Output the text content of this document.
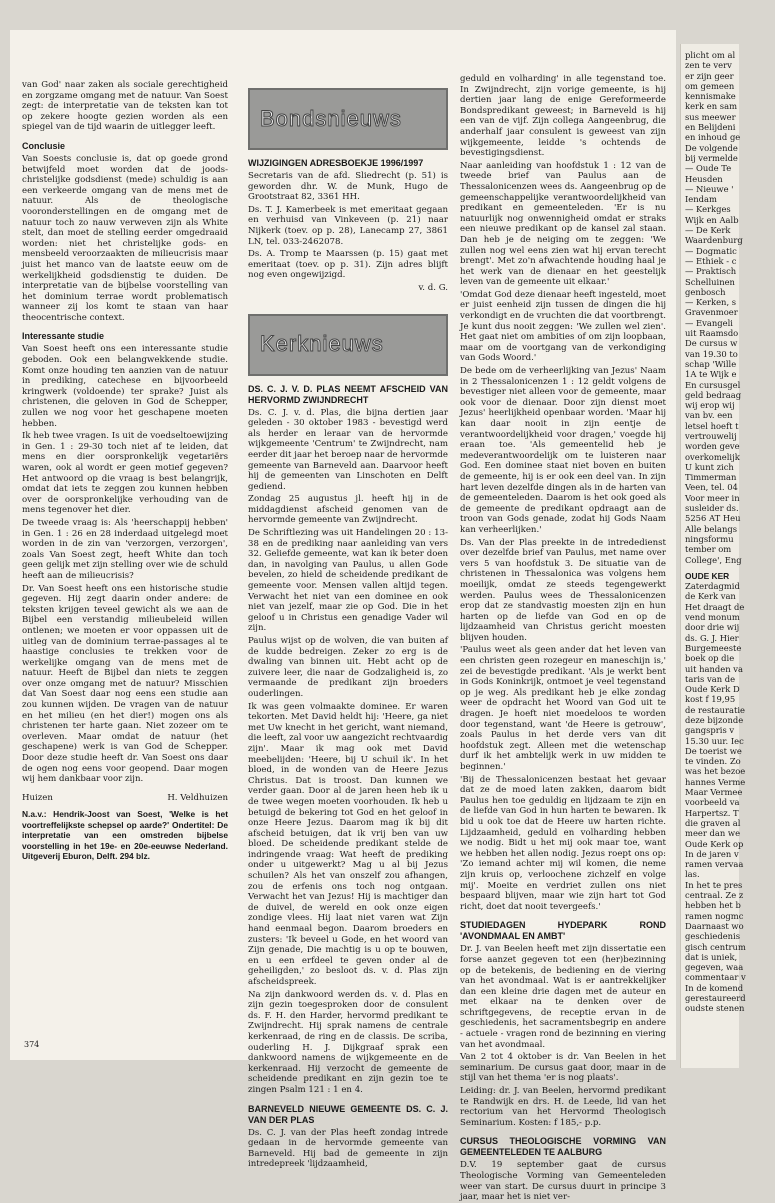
van God' naar zaken als sociale gerechtigheid en zorgzame omgang met de natuur. Van Soest zegt: de interpretatie van de teksten kan tot op zekere hoogte gezien worden als een spiegel van de tijd waarin de uitlegger leeft.

Conclusie

Van Soests conclusie is, dat op goede grond betwijfeld moet worden dat de joods-christelijke godsdienst (mede) schuldig is aan een verkeerde omgang van de mens met de natuur. Als de theologische vooronderstellingen en de omgang met de natuur toch zo nauw verweven zijn als White stelt, dan moet de stelling eerder omgedraaid worden: niet het christelijke gods- en mensbeeld veroorzaakten de milieucrisis maar juist het manco van de laatste eeuw om de werkelijkheid godsdienstig te duiden. De interpretatie van de bijbelse voorstelling van het dominium terrae wordt problematisch wanneer zij los komt te staan van haar theocentrische context.

Interessante studie

Van Soest heeft ons een interessante studie geboden. Ook een belangwekkende studie. Komt onze houding ten aanzien van de natuur in prediking, catechese en bijvoorbeeld kringwerk (voldoende) ter sprake? Juist als christenen, die geloven in God de Schepper, zullen we nog voor het geschapene moeten hebben.

Ik heb twee vragen. Is uit de voedseltoewijzing in Gen. 1 : 29-30 toch niet af te leiden, dat mens en dier oorspronkelijk vegetariërs waren, ook al wordt er geen motief gegeven? Het antwoord op die vraag is best belangrijk, omdat dat iets te zeggen zou kunnen hebben over de oorspronkelijke verhouding van de mens tegenover het dier.

De tweede vraag is: Als 'heerschappij hebben' in Gen. 1 : 26 en 28 inderdaad uitgelegd moet worden in de zin van 'verzorgen, verzorgen', zoals Van Soest zegt, heeft White dan toch geen gelijk met zijn stelling over wie de schuld heeft aan de milieucrisis?

Dr. Van Soest heeft ons een historische studie gegeven. Hij zegt daarin onder andere: de teksten krijgen teveel gewicht als we aan de Bijbel een verstandig milieubeleid willen ontlenen; we moeten er voor oppassen uit de uitleg van de dominium terrae-passages al te haastige conclusies te trekken voor de werkelijke omgang van de mens met de natuur. Heeft de Bijbel dan niets te zeggen over onze omgang met de natuur? Misschien dat Van Soest daar nog eens een studie aan zou kunnen wijden. De vragen van de natuur en het milieu (en het dier!) mogen ons als christenen ter harte gaan. Niet zozeer om te overleven. Maar omdat de natuur (het geschapene) werk is van God de Schepper. Door deze studie heeft dr. Van Soest ons daar de ogen nog eens voor geopend. Daar mogen wij hem dankbaar voor zijn.

Huizen	H. Veldhuizen

N.a.v.: Hendrik-Joost van Soest, 'Welke is het voortreffelijkste schepsel op aarde?' Ondertitel: De interpretatie van een omstreden bijbelse voorstelling in het 19e- en 20e-eeuwse Nederland. Uitgeverij Eburon, Delft. 294 blz.

Bondsnieuws
WIJZIGINGEN ADRESBOEKJE 1996/1997

Secretaris van de afd. Sliedrecht (p. 51) is geworden dhr. W. de Munk, Hugo de Grootstraat 82, 3361 HH.

Ds. T. J. Kamerbeek is met emeritaat gegaan en verhuisd van Vinkeveen (p. 21) naar Nijkerk (toev. op p. 28), Lanecamp 27, 3861 LN, tel. 033-2462078.

Ds. A. Tromp te Maarssen (p. 15) gaat met emeritaat (toev. op p. 31). Zijn adres blijft nog even ongewijzigd.

v. d. G.

Kerknieuws
DS. C. J. V. D. PLAS NEEMT AFSCHEID VAN HERVORMD ZWIJNDRECHT

Ds. C. J. v. d. Plas, die bijna dertien jaar geleden - 30 oktober 1983 - bevestigd werd als herder en leraar van de hervormde wijkgemeente 'Centrum' te Zwijndrecht, nam eerder dit jaar het beroep naar de hervormde gemeente van Barneveld aan. Daarvoor heeft hij de gemeenten van Linschoten en Delft gediend.

Zondag 25 augustus jl. heeft hij in de middagdienst afscheid genomen van de hervormde gemeente van Zwijndrecht.

De Schriftlezing was uit Handelingen 20 : 13-38 en de prediking naar aanleiding van vers 32. Geliefde gemeente, wat kan ik beter doen dan, in navolging van Paulus, u allen Gode bevelen, zo hield de scheidende predikant de gemeente voor. Mensen vallen altijd tegen. Verwacht het niet van een dominee en ook niet van jezelf, maar zie op God. Die in het geloof u in Christus een genadige Vader wil zijn.

Paulus wijst op de wolven, die van buiten af de kudde bedreigen. Zeker zo erg is de dwaling van binnen uit. Hebt acht op de zuivere leer, die naar de Godzaligheid is, zo vermaande de predikant zijn broeders ouderlingen.

Ik was geen volmaakte dominee. Er waren tekorten. Met David heldt hij: 'Heere, ga niet met Uw knecht in het gericht, want niemand, die leeft, zal voor uw aangezicht rechtvaardig zijn'. Maar ik mag ook met David meebelijden: 'Heere, bij U schuil ik'. In het bloed, in de wonden van de Heere Jezus Christus. Dat is troost. Dan kunnen we verder gaan. Door al de jaren heen heb ik u de twee wegen moeten voorhouden. Ik heb u betuigd de bekering tot God en het geloof in onze Heere Jezus. Daarom mag ik bij dit afscheid betuigen, dat ik vrij ben van uw bloed. De scheidende predikant stelde de indringende vraag: Wat heeft de prediking onder u uitgewerkt? Mag u al bij Jezus schuilen? Als het van onszelf zou afhangen, zou de erfenis ons toch nog ontgaan. Verwacht het van Jezus! Hij is machtiger dan de duivel, de wereld en ook onze eigen zondige vlees. Hij laat niet varen wat Zijn hand eenmaal begon. Daarom broeders en zusters: 'Ik beveel u Gode, en het woord van Zijn genade, Die machtig is u op te bouwen, en u een erfdeel te geven onder al de geheiligden,' zo besloot ds. v. d. Plas zijn afscheidspreek.

Na zijn dankwoord werden ds. v. d. Plas en zijn gezin toegesproken door de consulent ds. F. H. den Harder, hervormd predikant te Zwijndrecht. Hij sprak namens de centrale kerkenraad, de ring en de classis. De scriba, ouderling H. J. Dijkgraaf sprak een dankwoord namens de wijkgemeente en de kerkenraad. Hij verzocht de gemeente de scheidende predikant en zijn gezin toe te zingen Psalm 121 : 1 en 4.

BARNEVELD NIEUWE GEMEENTE DS. C. J. VAN DER PLAS

Ds. C. J. van der Plas heeft zondag intrede gedaan in de hervormde gemeente van Barneveld. Hij bad de gemeente in zijn intredepreek 'lijdzaamheid,

geduld en volharding' in alle tegenstand toe. In Zwijndrecht, zijn vorige gemeente, is hij dertien jaar lang de enige Gereformeerde Bondspredikant geweest; in Barneveld is hij een van de vijf. Zijn collega Aangeenbrug, die anderhalf jaar consulent is geweest van zijn wijkgemeente, leidde 's ochtends de bevestigingsdienst.

Naar aanleiding van hoofdstuk 1 : 12 van de tweede brief van Paulus aan de Thessalonicenzen wees ds. Aangeenbrug op de gemeenschappelijke verantwoordelijkheid van predikant en gemeenteleden. 'Er is nu natuurlijk nog onwennigheid omdat er straks een nieuwe predikant op de kansel zal staan. Dan heb je de neiging om te zeggen: 'We zullen nog wel eens zien wat hij ervan terecht brengt'. Met zo'n afwachtende houding haal je het werk van de dienaar en het geestelijk leven van de gemeente uit elkaar.'

'Omdat God deze dienaar heeft ingesteld, moet er juist eenheid zijn tussen de dingen die hij verkondigt en de vruchten die dat voortbrengt. Je kunt dus nooit zeggen: 'We zullen wel zien'. Het gaat niet om ambities of om zijn loopbaan, maar om de voortgang van de verkondiging van Gods Woord.'

De bede om de verheerlijking van Jezus' Naam in 2 Thessalonicenzen 1 : 12 geldt volgens de bevestiger niet alleen voor de gemeente, maar ook voor de dienaar. Door zijn dienst moet Jezus' heerlijkheid openbaar worden. 'Maar hij kan daar nooit in zijn eentje de verantwoordelijkheid voor dragen,' voegde hij eraan toe. 'Als gemeentelid heb je medeverantwoordelijk om te luisteren naar God. Een dominee staat niet boven en buiten de gemeente, hij is er ook een deel van. In zijn hart leven dezelfde dingen als in de harten van de gemeenteleden. Daarom is het ook goed als de gemeente de predikant opdraagt aan de troon van Gods genade, zodat hij Gods Naam kan verheerlijken.'

Ds. Van der Plas preekte in de intrededienst over dezelfde brief van Paulus, met name over vers 5 van hoofdstuk 3. De situatie van de christenen in Thessalonica was volgens hem moeilijk, omdat ze steeds tegengewerkt werden. Paulus wees de Thessalonicenzen erop dat ze standvastig moesten zijn en hun harten op de liefde van God en op de lijdzaamheid van Christus gericht moesten blijven houden.

'Paulus weet als geen ander dat het leven van een christen geen rozegeur en maneschijn is,' zei de bevestigde predikant. 'Als je werkt bent in Gods Koninkrijk, ontmoet je veel tegenstand op je weg. Als predikant heb je elke zondag weer de opdracht het Woord van God uit te dragen. Je hoeft niet moedeloos te worden door tegenstand, want 'de Heere is getrouw', zoals Paulus in het derde vers van dit hoofdstuk zegt. Alleen met die wetenschap durf ik het ambtelijk werk in uw midden te beginnen.'

'Bij de Thessalonicenzen bestaat het gevaar dat ze de moed laten zakken, daarom bidt Paulus hen toe geduldig en lijdzaam te zijn en de liefde van God in hun harten te bewaren. Ik bid u ook toe dat de Heere uw harten richte. Lijdzaamheid, geduld en volharding hebben we nodig. Bidt u het mij ook maar toe, want we hebben het allen nodig. Jezus roept ons op: 'Zo iemand achter mij wil komen, die neme zijn kruis op, verloochene zichzelf en volge mij'. Moeite en verdriet zullen ons niet bespaard blijven, maar wie zijn hart tot God richt, doet dat nooit tevergeefs.'

STUDIEDAGEN HYDEPARK ROND 'AVONDMAAL EN AMBT'

Dr. J. van Beelen heeft met zijn dissertatie een forse aanzet gegeven tot een (her)bezinning op de betekenis, de bediening en de viering van het avondmaal. Wat is er aantrekkelijker dan een kleine drie dagen met de auteur en met elkaar na te denken over de schriftgegevens, de receptie ervan in de geschiedenis, het sacramentsbegrip en andere - actuele - vragen rond de bezinning en viering van het avondmaal.

Van 2 tot 4 oktober is dr. Van Beelen in het seminarium. De cursus gaat door, maar in de stijl van het thema 'er is nog plaats'.

Leiding: dr. J. van Beelen, hervormd predikant te Randwijk en drs. H. de Leede, lid van het rectorium van het Hervormd Theologisch Seminarium. Kosten: f 185,- p.p.

CURSUS THEOLOGISCHE VORMING VAN GEMEENTELEDEN TE AALBURG

D.V. 19 september gaat de cursus Theologische Vorming van Gemeenteleden weer van start. De cursus duurt in principe 3 jaar, maar het is niet ver-

374
plicht om al
zen te verv
er zijn geer
om gemeen
kennismake
kerk en sam
sus meewer
en Belijdeni
en inhoud ge
De volgende
bij vermelde
— Oude Te
Heusden
— Nieuwe '
Iendam
— Kerkges
Wijk en Aalb
— De Kerk
Waardenburg
— Dogmatic
— Ethiek - c
— Praktisch
Schelluinen
genbosch
— Kerken, s
Gravenmoer
— Evangeli
uit Raamsdo
De cursus w
van 19.30 to
schap 'Wille
1A te Wijk e
En cursusgel
geld bedraag
wij erop wij
van bv. een
letsel hoeft t
vertrouwelij
worden geve
overkomelijk
U kunt zich
Timmerman
Veen, tel. 04
Voor meer in
susleider ds.
5256 AT Heu
Alle belangs
ningsformu
tember om
College', Eng
OUDE KER
Zaterdagmid
de Kerk van
Het draagt de
vend monum
door drie wij
ds. G. J. Hier
Burgemeeste
boek op die
uit handen va
taris van de
Oude Kerk D
kost f 19,95
de restauratie
deze bijzonde
gangspris v
15.30 uur. Iec
De toerist we
te vinden. Zo
was het bezoe
hannes Verme
Maar Vermee
voorbeeld va
Harpertsz. T
die graven al
meer dan we
Oude Kerk op
In de jaren v
ramen vervaa
las.
In het te pres
centraal. Ze z
hebben het b
ramen nogmc
Daarnaast wo
geschiedenis
gisch centrum
dat is uniek,
gegeven, waa
commentaar v
In de komend
gerestaureerd
oudste stenen
